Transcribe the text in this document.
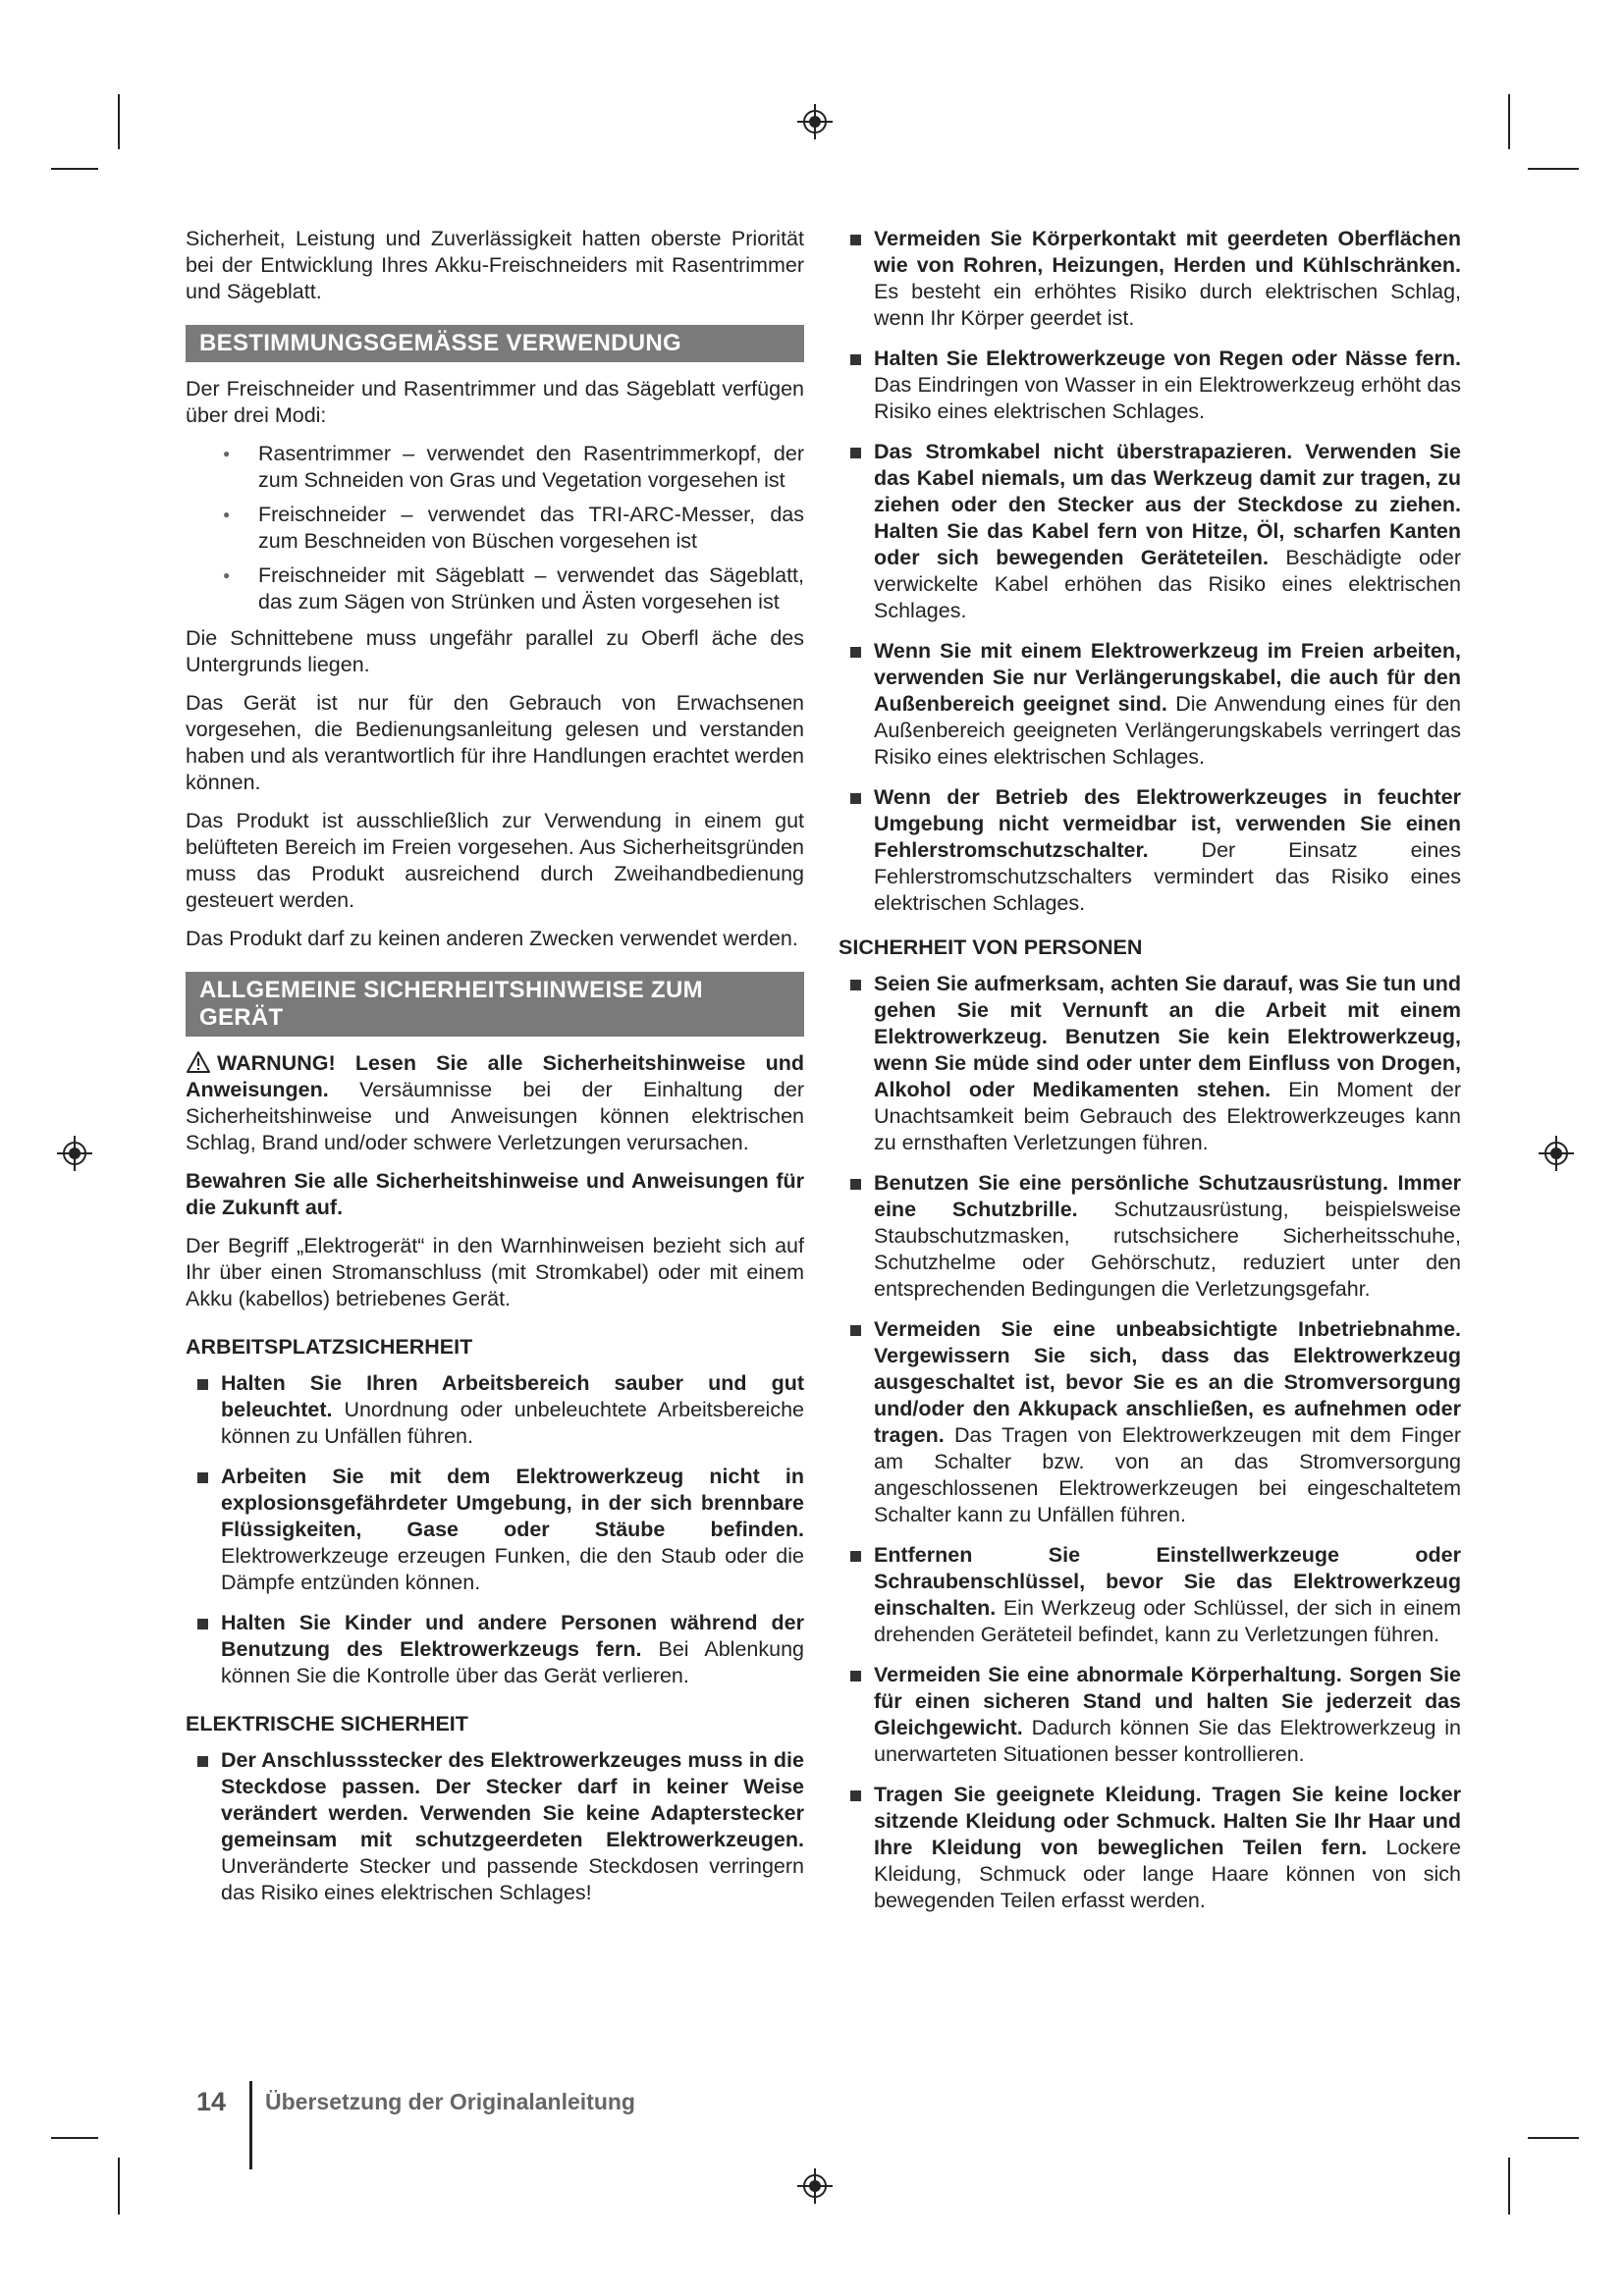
Sicherheit, Leistung und Zuverlässigkeit hatten oberste Priorität bei der Entwicklung Ihres Akku-Freischneiders mit Rasentrimmer und Sägeblatt.

BESTIMMUNGSGEMÄSSE VERWENDUNG

Der Freischneider und Rasentrimmer und das Sägeblatt verfügen über drei Modi:

● Rasentrimmer – verwendet den Rasentrimmerkopf, der zum Schneiden von Gras und Vegetation vorgesehen ist
● Freischneider – verwendet das TRI-ARC-Messer, das zum Beschneiden von Büschen vorgesehen ist
● Freischneider mit Sägeblatt – verwendet das Sägeblatt, das zum Sägen von Strünken und Ästen vorgesehen ist

Die Schnittebene muss ungefähr parallel zu Oberfl äche des Untergrunds liegen.

Das Gerät ist nur für den Gebrauch von Erwachsenen vorgesehen, die Bedienungsanleitung gelesen und verstanden haben und als verantwortlich für ihre Handlungen erachtet werden können.

Das Produkt ist ausschließlich zur Verwendung in einem gut belüfteten Bereich im Freien vorgesehen. Aus Sicherheitsgründen muss das Produkt ausreichend durch Zweihandbedienung gesteuert werden.

Das Produkt darf zu keinen anderen Zwecken verwendet werden.

ALLGEMEINE SICHERHEITSHINWEISE ZUM GERÄT

WARNUNG! Lesen Sie alle Sicherheitshinweise und Anweisungen. Versäumnisse bei der Einhaltung der Sicherheitshinweise und Anweisungen können elektrischen Schlag, Brand und/oder schwere Verletzungen verursachen.

Bewahren Sie alle Sicherheitshinweise und Anweisungen für die Zukunft auf.

Der Begriff „Elektrogerät“ in den Warnhinweisen bezieht sich auf Ihr über einen Stromanschluss (mit Stromkabel) oder mit einem Akku (kabellos) betriebenes Gerät.

ARBEITSPLATZSICHERHEIT
Halten Sie Ihren Arbeitsbereich sauber und gut beleuchtet. Unordnung oder unbeleuchtete Arbeitsbereiche können zu Unfällen führen.
Arbeiten Sie mit dem Elektrowerkzeug nicht in explosionsgefährdeter Umgebung, in der sich brennbare Flüssigkeiten, Gase oder Stäube befinden. Elektrowerkzeuge erzeugen Funken, die den Staub oder die Dämpfe entzünden können.
Halten Sie Kinder und andere Personen während der Benutzung des Elektrowerkzeugs fern. Bei Ablenkung können Sie die Kontrolle über das Gerät verlieren.
ELEKTRISCHE SICHERHEIT
Der Anschlussstecker des Elektrowerkzeuges muss in die Steckdose passen. Der Stecker darf in keiner Weise verändert werden. Verwenden Sie keine Adapterstecker gemeinsam mit schutzgeerdeten Elektrowerkzeugen. Unveränderte Stecker und passende Steckdosen verringern das Risiko eines elektrischen Schlages!
Vermeiden Sie Körperkontakt mit geerdeten Oberflächen wie von Rohren, Heizungen, Herden und Kühlschränken. Es besteht ein erhöhtes Risiko durch elektrischen Schlag, wenn Ihr Körper geerdet ist.
Halten Sie Elektrowerkzeuge von Regen oder Nässe fern. Das Eindringen von Wasser in ein Elektrowerkzeug erhöht das Risiko eines elektrischen Schlages.
Das Stromkabel nicht überstrapazieren. Verwenden Sie das Kabel niemals, um das Werkzeug damit zur tragen, zu ziehen oder den Stecker aus der Steckdose zu ziehen. Halten Sie das Kabel fern von Hitze, Öl, scharfen Kanten oder sich bewegenden Geräteteilen. Beschädigte oder verwickelte Kabel erhöhen das Risiko eines elektrischen Schlages.
Wenn Sie mit einem Elektrowerkzeug im Freien arbeiten, verwenden Sie nur Verlängerungskabel, die auch für den Außenbereich geeignet sind. Die Anwendung eines für den Außenbereich geeigneten Verlängerungskabels verringert das Risiko eines elektrischen Schlages.
Wenn der Betrieb des Elektrowerkzeuges in feuchter Umgebung nicht vermeidbar ist, verwenden Sie einen Fehlerstromschutzschalter. Der Einsatz eines Fehlerstromschutzschalters vermindert das Risiko eines elektrischen Schlages.
SICHERHEIT VON PERSONEN
Seien Sie aufmerksam, achten Sie darauf, was Sie tun und gehen Sie mit Vernunft an die Arbeit mit einem Elektrowerkzeug. Benutzen Sie kein Elektrowerkzeug, wenn Sie müde sind oder unter dem Einfluss von Drogen, Alkohol oder Medikamenten stehen. Ein Moment der Unachtsamkeit beim Gebrauch des Elektrowerkzeuges kann zu ernsthaften Verletzungen führen.
Benutzen Sie eine persönliche Schutzausrüstung. Immer eine Schutzbrille. Schutzausrüstung, beispielsweise Staubschutzmasken, rutschsichere Sicherheitsschuhe, Schutzhelme oder Gehörschutz, reduziert unter den entsprechenden Bedingungen die Verletzungsgefahr.
Vermeiden Sie eine unbeabsichtigte Inbetriebnahme. Vergewissern Sie sich, dass das Elektrowerkzeug ausgeschaltet ist, bevor Sie es an die Stromversorgung und/oder den Akkupack anschließen, es aufnehmen oder tragen. Das Tragen von Elektrowerkzeugen mit dem Finger am Schalter bzw. von an das Stromversorgung angeschlossenen Elektrowerkzeugen bei eingeschaltetem Schalter kann zu Unfällen führen.
Entfernen Sie Einstellwerkzeuge oder Schraubenschlüssel, bevor Sie das Elektrowerkzeug einschalten. Ein Werkzeug oder Schlüssel, der sich in einem drehenden Geräteteil befindet, kann zu Verletzungen führen.
Vermeiden Sie eine abnormale Körperhaltung. Sorgen Sie für einen sicheren Stand und halten Sie jederzeit das Gleichgewicht. Dadurch können Sie das Elektrowerkzeug in unerwarteten Situationen besser kontrollieren.
Tragen Sie geeignete Kleidung. Tragen Sie keine locker sitzende Kleidung oder Schmuck. Halten Sie Ihr Haar und Ihre Kleidung von beweglichen Teilen fern. Lockere Kleidung, Schmuck oder lange Haare können von sich bewegenden Teilen erfasst werden.
14 Übersetzung der Originalanleitung
